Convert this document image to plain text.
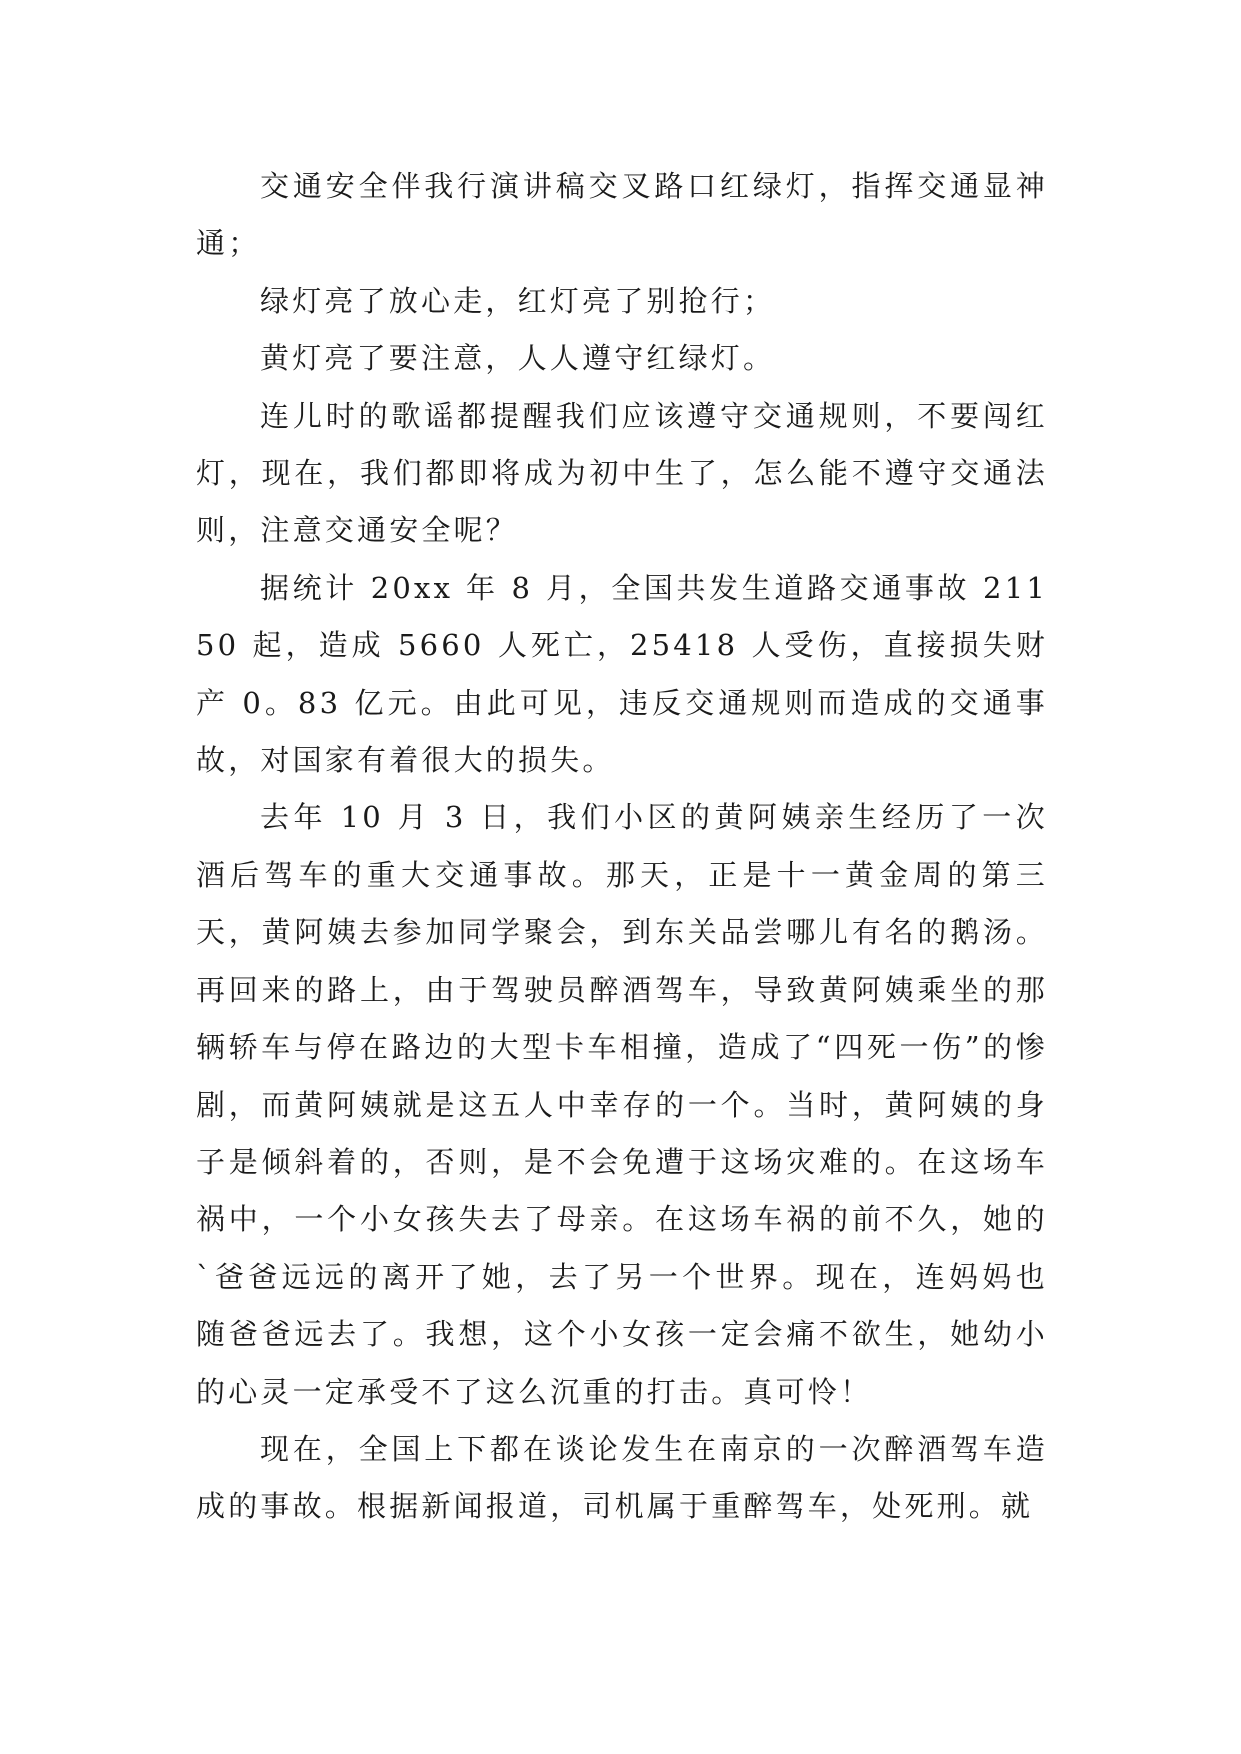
交通安全伴我行演讲稿交叉路口红绿灯，指挥交通显神通；

绿灯亮了放心走，红灯亮了别抢行；

黄灯亮了要注意，人人遵守红绿灯。

连儿时的歌谣都提醒我们应该遵守交通规则，不要闯红灯，现在，我们都即将成为初中生了，怎么能不遵守交通法则，注意交通安全呢？

据统计 20xx 年 8 月，全国共发生道路交通事故 21150 起，造成 5660 人死亡，25418 人受伤，直接损失财产 0。83 亿元。由此可见，违反交通规则而造成的交通事故，对国家有着很大的损失。

去年 10 月 3 日，我们小区的黄阿姨亲生经历了一次酒后驾车的重大交通事故。那天，正是十一黄金周的第三天，黄阿姨去参加同学聚会，到东关品尝哪儿有名的鹅汤。再回来的路上，由于驾驶员醉酒驾车，导致黄阿姨乘坐的那辆轿车与停在路边的大型卡车相撞，造成了“四死一伤”的惨剧，而黄阿姨就是这五人中幸存的一个。当时，黄阿姨的身子是倾斜着的，否则，是不会免遭于这场灾难的。在这场车祸中，一个小女孩失去了母亲。在这场车祸的前不久，她的`爸爸远远的离开了她，去了另一个世界。现在，连妈妈也随爸爸远去了。我想，这个小女孩一定会痛不欲生，她幼小的心灵一定承受不了这么沉重的打击。真可怜！

现在，全国上下都在谈论发生在南京的一次醉酒驾车造成的事故。根据新闻报道，司机属于重醉驾车，处死刑。就
